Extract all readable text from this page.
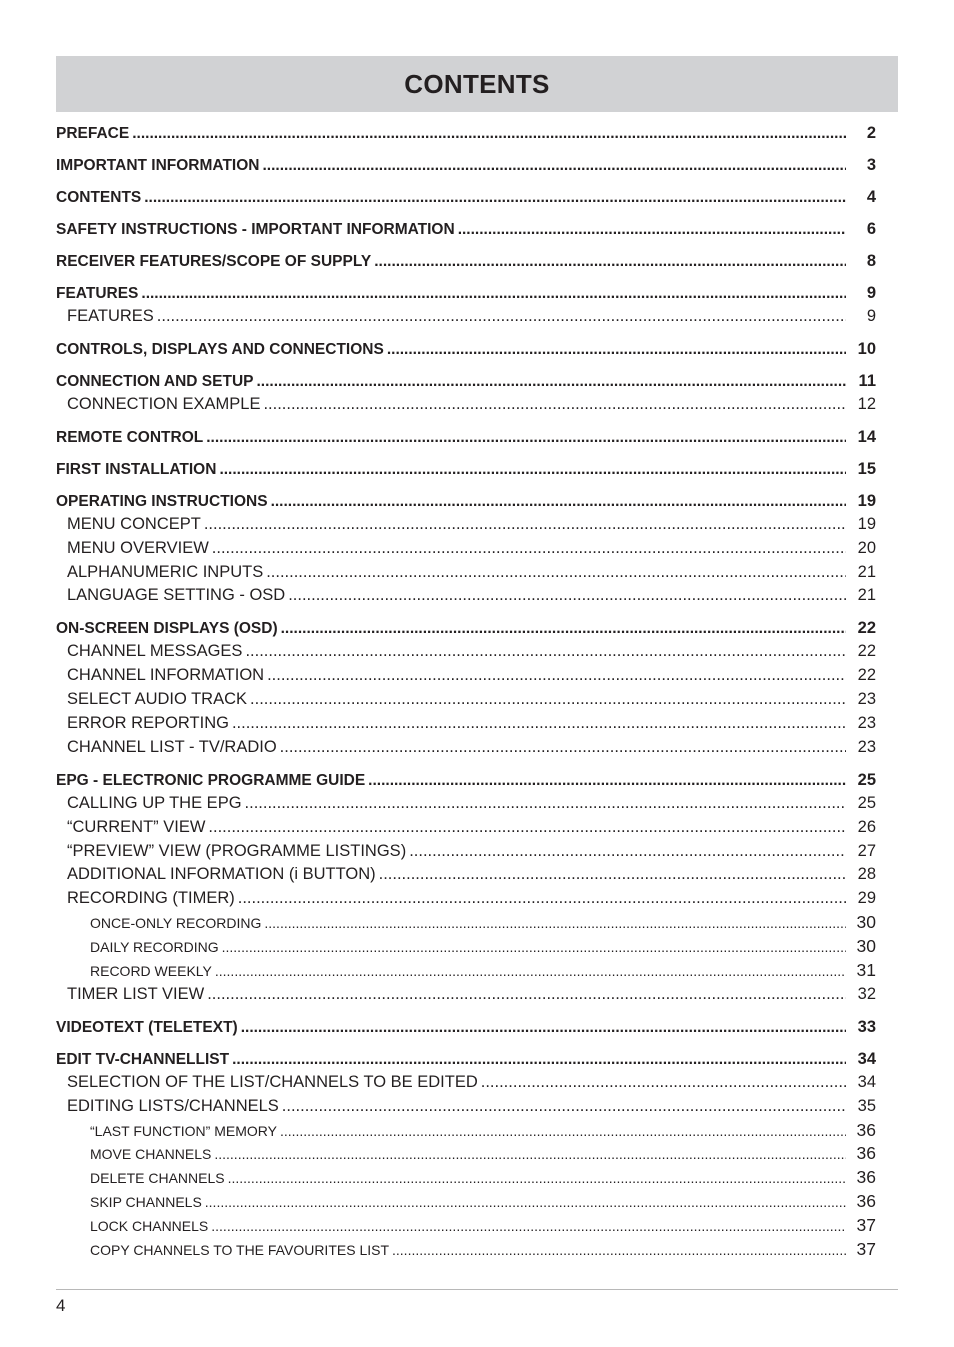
CONTENTS
PREFACE .....	2
IMPORTANT INFORMATION .....	3
CONTENTS .....	4
SAFETY INSTRUCTIONS - IMPORTANT INFORMATION .....	6
RECEIVER FEATURES/SCOPE OF SUPPLY .....	8
FEATURES .....	9
FEATURES .....	9
CONTROLS, DISPLAYS AND CONNECTIONS .....	10
CONNECTION AND SETUP .....	11
CONNECTION EXAMPLE .....	12
REMOTE CONTROL .....	14
FIRST INSTALLATION .....	15
OPERATING INSTRUCTIONS .....	19
MENU CONCEPT .....	19
MENU OVERVIEW .....	20
ALPHANUMERIC INPUTS .....	21
LANGUAGE SETTING - OSD .....	21
ON-SCREEN DISPLAYS (OSD) .....	22
CHANNEL MESSAGES .....	22
CHANNEL INFORMATION .....	22
SELECT AUDIO TRACK .....	23
ERROR REPORTING .....	23
CHANNEL LIST - TV/RADIO .....	23
EPG - ELECTRONIC PROGRAMME GUIDE .....	25
CALLING UP THE EPG .....	25
“CURRENT” VIEW .....	26
“PREVIEW” VIEW (PROGRAMME LISTINGS) .....	27
ADDITIONAL INFORMATION (i BUTTON) .....	28
RECORDING (TIMER) .....	29
ONCE-ONLY RECORDING .....	30
DAILY RECORDING .....	30
RECORD WEEKLY .....	31
TIMER LIST VIEW .....	32
VIDEOTEXT (TELETEXT) .....	33
EDIT TV-CHANNELLIST .....	34
SELECTION OF THE LIST/CHANNELS TO BE EDITED .....	34
EDITING LISTS/CHANNELS .....	35
“LAST FUNCTION” MEMORY .....	36
MOVE CHANNELS .....	36
DELETE CHANNELS .....	36
SKIP CHANNELS .....	36
LOCK CHANNELS .....	37
COPY CHANNELS TO THE FAVOURITES LIST .....	37
4
